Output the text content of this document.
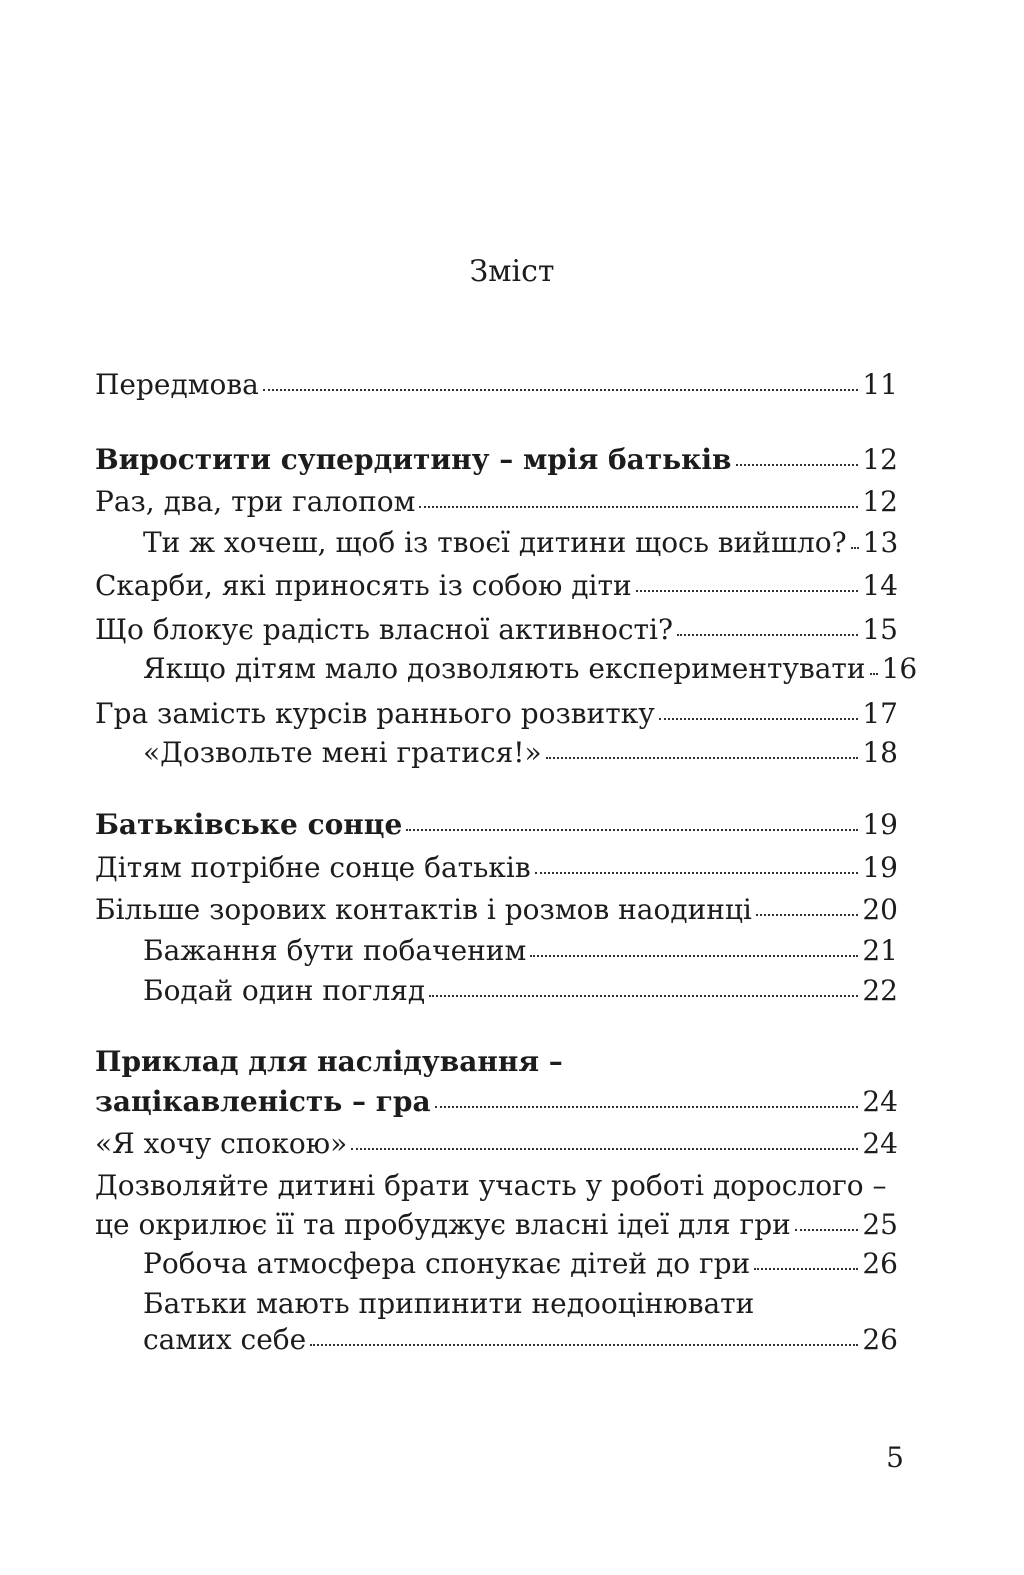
Зміст
Передмова	11
Виростити супердитину – мрія батьків	12
Раз, два, три галопом	12
Ти ж хочеш, щоб із твоєї дитини щось вийшло? 13
Скарби, які приносять із собою діти	14
Що блокує радість власної активності?	15
Якщо дітям мало дозволяють експериментувати 16
Гра замість курсів раннього розвитку	17
«Дозвольте мені гратися!»	18
Батьківське сонце	19
Дітям потрібне сонце батьків	19
Більше зорових контактів і розмов наодинці	20
Бажання бути побаченим	21
Бодай один погляд	22
Приклад для наслідування –
зацікавленість – гра	24
«Я хочу спокою»	24
Дозволяйте дитині брати участь у роботі дорослого –
це окрилює її та пробуджує власні ідеї для гри	25
Робоча атмосфера спонукає дітей до гри	26
Батьки мають припинити недооцінювати
самих себе	26
5
